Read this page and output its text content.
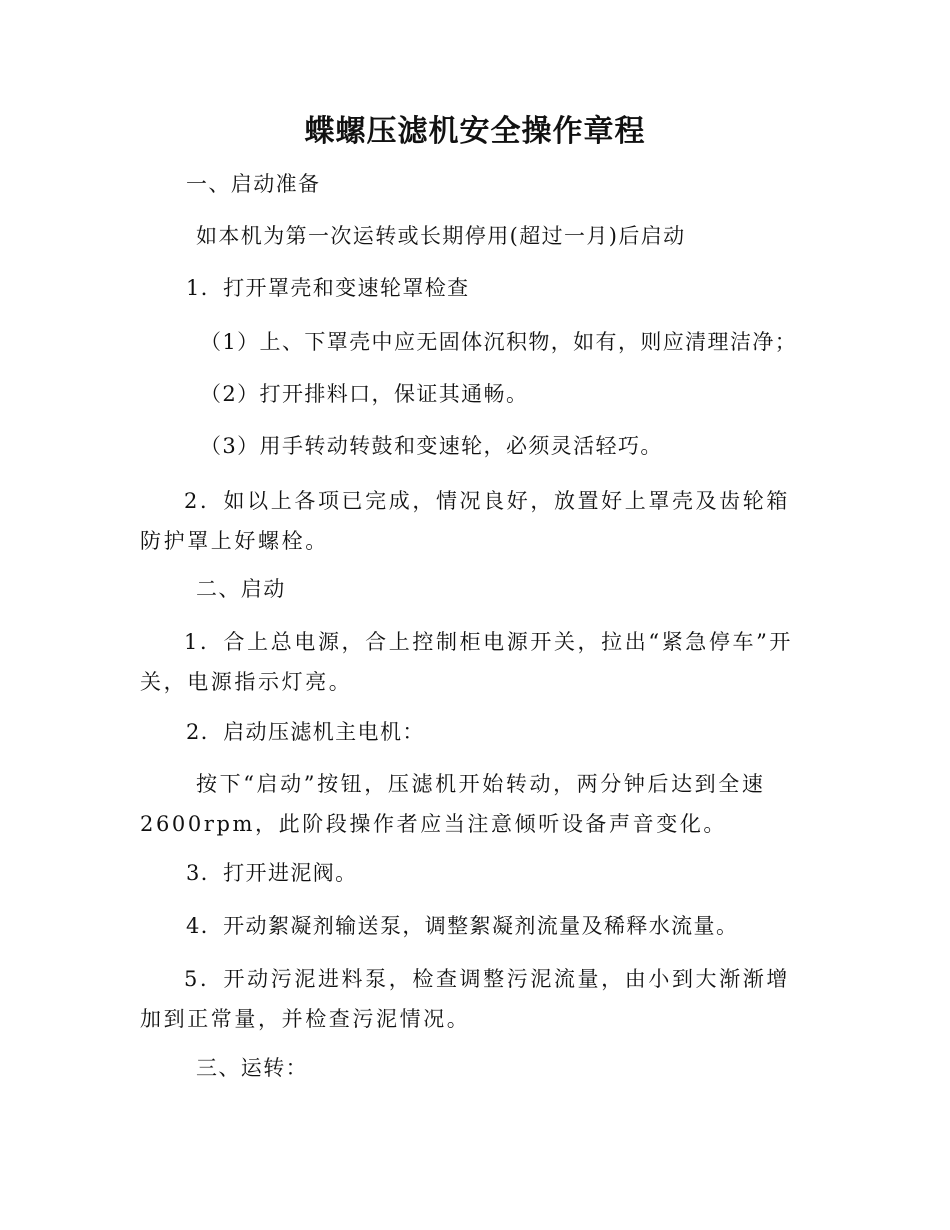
蝶螺压滤机安全操作章程
一、启动准备
如本机为第一次运转或长期停用(超过一月)后启动
1．打开罩壳和变速轮罩检查
（1）上、下罩壳中应无固体沉积物，如有，则应清理洁净；
（2）打开排料口，保证其通畅。
（3）用手转动转鼓和变速轮，必须灵活轻巧。
2．如以上各项已完成，情况良好，放置好上罩壳及齿轮箱防护罩上好螺栓。
二、启动
1．合上总电源，合上控制柜电源开关，拉出“紧急停车”开关，电源指示灯亮。
2．启动压滤机主电机：
按下“启动”按钮，压滤机开始转动，两分钟后达到全速2600rpm，此阶段操作者应当注意倾听设备声音变化。
3．打开进泥阀。
4．开动絮凝剂输送泵，调整絮凝剂流量及稀释水流量。
5．开动污泥进料泵，检查调整污泥流量，由小到大渐渐增加到正常量，并检查污泥情况。
三、运转：
